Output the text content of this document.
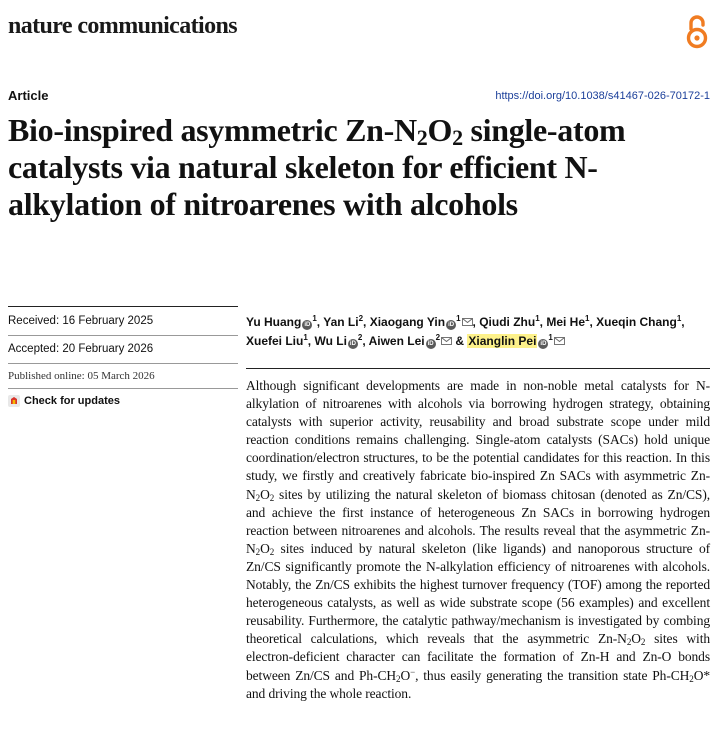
nature communications
Article	https://doi.org/10.1038/s41467-026-70172-1
Bio-inspired asymmetric $Zn-N_2O_2$ single-atom catalysts via natural skeleton for efficient N-alkylation of nitroarenes with alcohols
Received: 16 February 2025
Accepted: 20 February 2026
Published online: 05 March 2026
Check for updates
Yu Huang $iD^1$, Yan Li$^2$, Xiaogang Yin $iD^1$ , Qiudi Zhu$^1$, Mei He$^1$, Xueqin Chang$^1$, Xuefei Liu$^1$, Wu Li $iD^2$, Aiwen Lei $iD^2$ & Xianglin Pei $iD^1$

Although significant developments are made in non-noble metal catalysts for N-alkylation of nitroarenes with alcohols via borrowing hydrogen strategy, obtaining catalysts with superior activity, reusability and broad substrate scope under mild reaction conditions remains challenging. Single-atom catalysts (SACs) hold unique coordination/electron structures, to be the potential candidates for this reaction. In this study, we firstly and creatively fabricate bio-inspired Zn SACs with asymmetric $Zn-N_2O_2$ sites by utilizing the natural skeleton of biomass chitosan (denoted as Zn/CS), and achieve the first instance of heterogeneous Zn SACs in borrowing hydrogen reaction between nitroarenes and alcohols. The results reveal that the asymmetric $Zn-N_2O_2$ sites induced by natural skeleton (like ligands) and nanoporous structure of Zn/CS significantly promote the N-alkylation efficiency of nitroarenes with alcohols. Notably, the Zn/CS exhibits the highest turnover frequency (TOF) among the reported heterogeneous catalysts, as well as wide substrate scope (56 examples) and excellent reusability. Furthermore, the catalytic pathway/mechanism is investigated by combing theoretical calculations, which reveals that the asymmetric $Zn-N_2O_2$ sites with electron-deficient character can facilitate the formation of Zn-H and Zn-O bonds between Zn/CS and $Ph-CH_2O^-$, thus easily generating the transition state $Ph-CH_2O*$ and driving the whole reaction.
